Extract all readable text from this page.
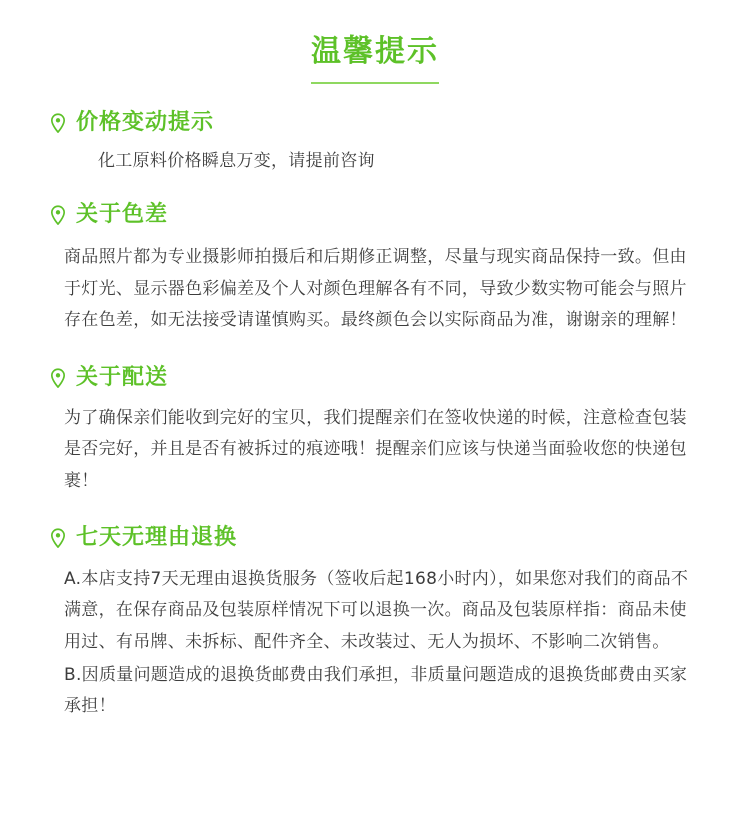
温馨提示
价格变动提示

化工原料价格瞬息万变，请提前咨询

关于色差

商品照片都为专业摄影师拍摄后和后期修正调整，尽量与现实商品保持一致。但由于灯光、显示器色彩偏差及个人对颜色理解各有不同，导致少数实物可能会与照片存在色差，如无法接受请谨慎购买。最终颜色会以实际商品为准，谢谢亲的理解！

关于配送

为了确保亲们能收到完好的宝贝，我们提醒亲们在签收快递的时候，注意检查包装是否完好，并且是否有被拆过的痕迹哦！提醒亲们应该与快递当面验收您的快递包裹！

七天无理由退换

A.本店支持7天无理由退换货服务（签收后起168小时内），如果您对我们的商品不满意，在保存商品及包装原样情况下可以退换一次。商品及包装原样指：商品未使用过、有吊牌、未拆标、配件齐全、未改装过、无人为损坏、不影响二次销售。

B.因质量问题造成的退换货邮费由我们承担，非质量问题造成的退换货邮费由买家承担！
